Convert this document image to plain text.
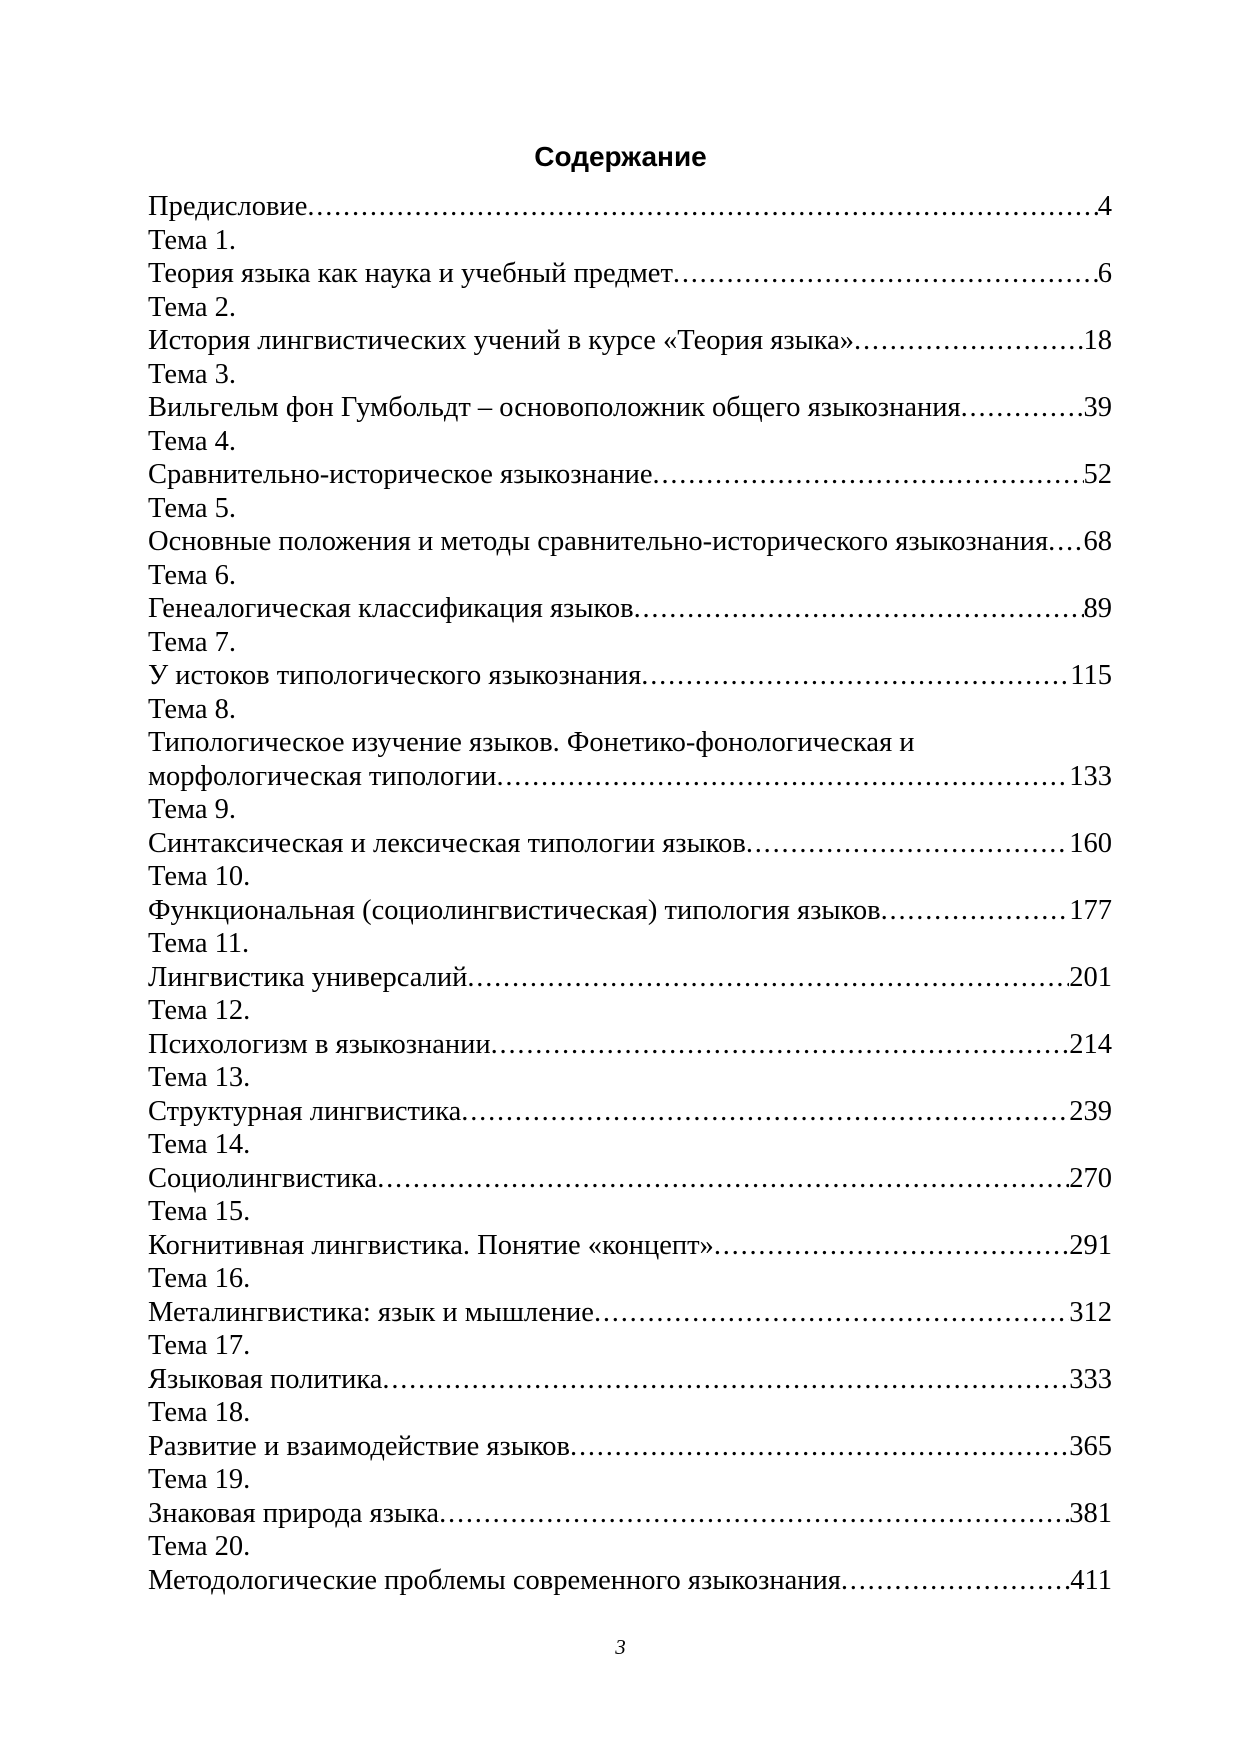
Содержание
Предисловие .....	4
Тема 1.
Теория языка как наука и учебный предмет .....	6
Тема 2.
История лингвистических учений в курсе «Теория языка» .....	18
Тема 3.
Вильгельм фон Гумбольдт – основоположник общего языкознания .....	39
Тема 4.
Сравнительно-историческое языкознание .....	52
Тема 5.
Основные положения и методы сравнительно-исторического языкознания ..... 68
Тема 6.
Генеалогическая классификация языков .....	89
Тема 7.
У истоков типологического языкознания .....	115
Тема 8.
Типологическое изучение языков. Фонетико-фонологическая и
морфологическая типологии .....	133
Тема 9.
Синтаксическая и лексическая типологии языков .....	160
Тема 10.
Функциональная (социолингвистическая) типология языков .....	177
Тема 11.
Лингвистика универсалий .....	201
Тема 12.
Психологизм в языкознании .....	214
Тема 13.
Структурная лингвистика .....	239
Тема 14.
Социолингвистика .....	270
Тема 15.
Когнитивная лингвистика. Понятие «концепт» .....	291
Тема 16.
Металингвистика: язык и мышление .....	312
Тема 17.
Языковая политика .....	333
Тема 18.
Развитие и взаимодействие языков .....	365
Тема 19.
Знаковая природа языка .....	381
Тема 20.
Методологические проблемы современного языкознания .....	411
3
